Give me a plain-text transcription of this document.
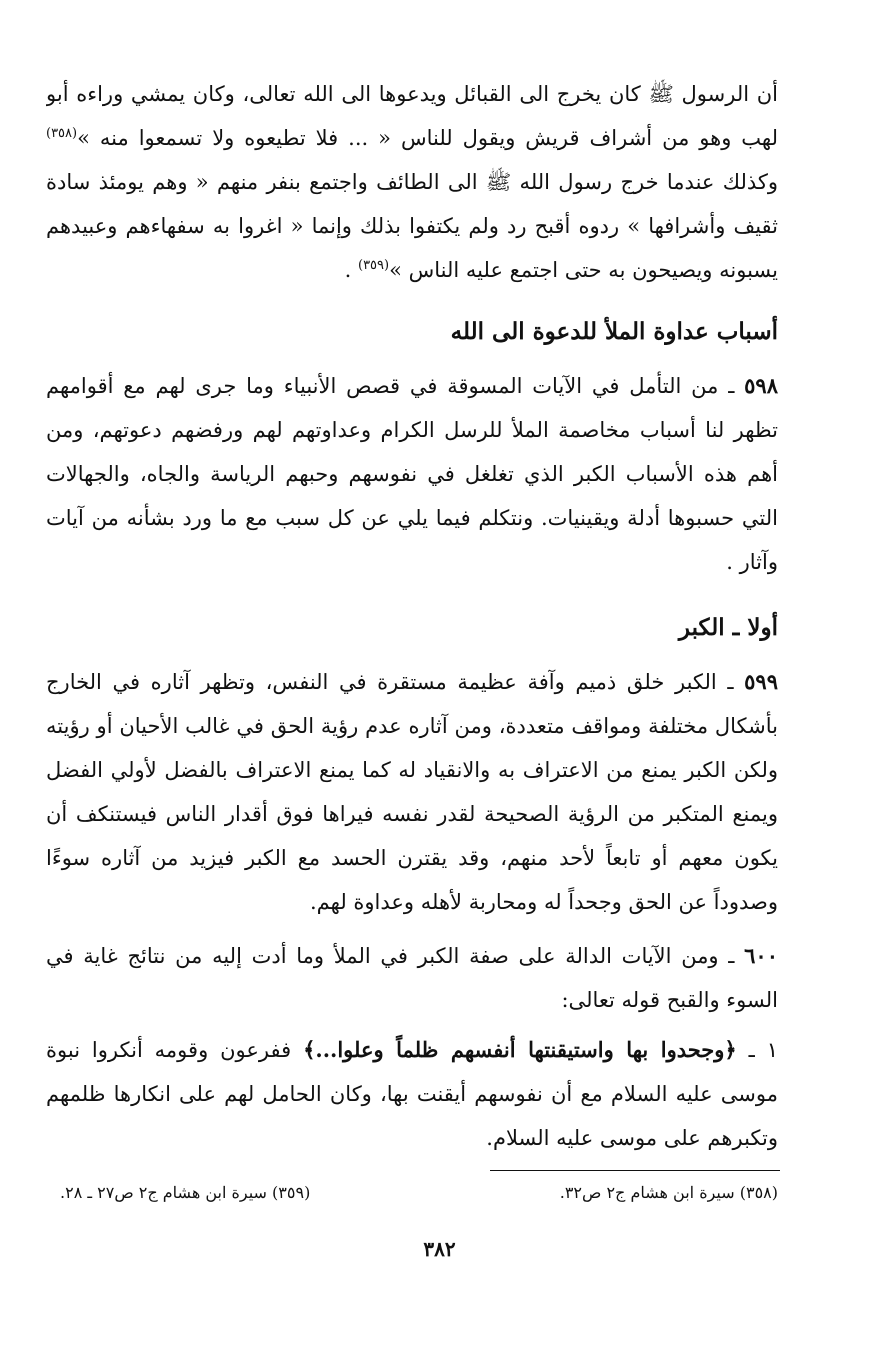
أن الرسول ﷺ كان يخرج الى القبائل ويدعوها الى الله تعالى، وكان يمشي وراءه أبو لهب وهو من أشراف قريش ويقول للناس « ... فلا تطيعوه ولا تسمعوا منه »$^{(٣٥٨)}$ وكذلك عندما خرج رسول الله ﷺ الى الطائف واجتمع بنفر منهم « وهم يومئذ سادة ثقيف وأشرافها » ردوه أقبح رد ولم يكتفوا بذلك وإنما « اغروا به سفهاءهم وعبيدهم يسبونه ويصيحون به حتى اجتمع عليه الناس »$^{(٣٥٩)}$ .

أسباب عداوة الملأ للدعوة الى الله

٥٩٨ ـ من التأمل في الآيات المسوقة في قصص الأنبياء وما جرى لهم مع أقوامهم تظهر لنا أسباب مخاصمة الملأ للرسل الكرام وعداوتهم لهم ورفضهم دعوتهم، ومن أهم هذه الأسباب الكبر الذي تغلغل في نفوسهم وحبهم الرياسة والجاه، والجهالات التي حسبوها أدلة ويقينيات. ونتكلم فيما يلي عن كل سبب مع ما ورد بشأنه من آيات وآثار .

أولا ـ الكبر

٥٩٩ ـ الكبر خلق ذميم وآفة عظيمة مستقرة في النفس، وتظهر آثاره في الخارج بأشكال مختلفة ومواقف متعددة، ومن آثاره عدم رؤية الحق في غالب الأحيان أو رؤيته ولكن الكبر يمنع من الاعتراف به والانقياد له كما يمنع الاعتراف بالفضل لأولي الفضل ويمنع المتكبر من الرؤية الصحيحة لقدر نفسه فيراها فوق أقدار الناس فيستنكف أن يكون معهم أو تابعاً لأحد منهم، وقد يقترن الحسد مع الكبر فيزيد من آثاره سوءًا وصدوداً عن الحق وجحداً له ومحاربة لأهله وعداوة لهم.

٦٠٠ ـ ومن الآيات الدالة على صفة الكبر في الملأ وما أدت إليه من نتائج غاية في السوء والقبح قوله تعالى:

١ ـ ﴿وجحدوا بها واستيقنتها أنفسهم ظلماً وعلوا...﴾ ففرعون وقومه أنكروا نبوة موسى عليه السلام مع أن نفوسهم أيقنت بها، وكان الحامل لهم على انكارها ظلمهم وتكبرهم على موسى عليه السلام.

(٣٥٨) سيرة ابن هشام ج٢ ص٣٢.
(٣٥٩) سيرة ابن هشام ج٢ ص٢٧ ـ ٢٨.
٣٨٢
